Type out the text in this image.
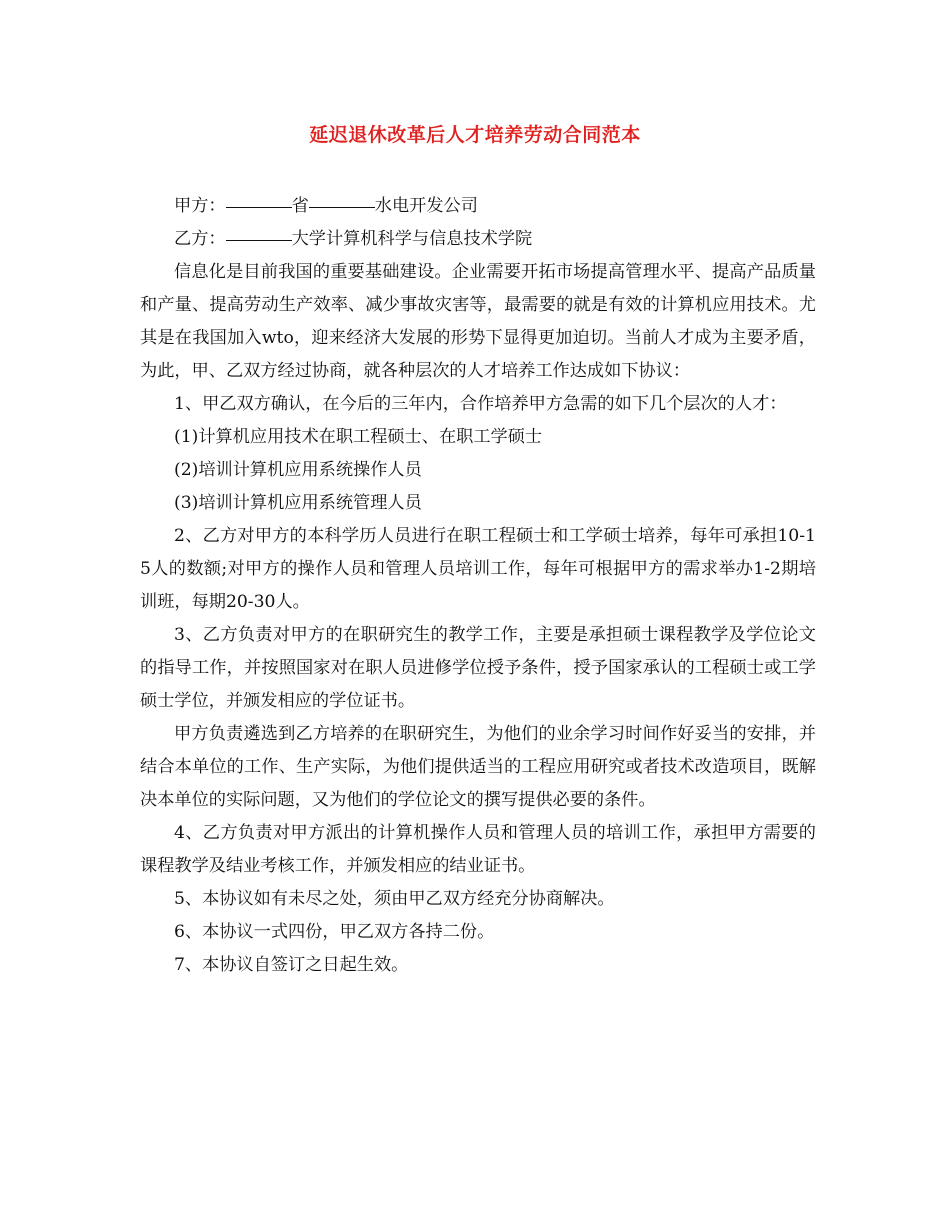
延迟退休改革后人才培养劳动合同范本

甲方：	省	水电开发公司

乙方：	大学计算机科学与信息技术学院

信息化是目前我国的重要基础建设。企业需要开拓市场提高管理水平、提高产品质量和产量、提高劳动生产效率、减少事故灾害等，最需要的就是有效的计算机应用技术。尤其是在我国加入wto，迎来经济大发展的形势下显得更加迫切。当前人才成为主要矛盾，为此，甲、乙双方经过协商，就各种层次的人才培养工作达成如下协议：

1、甲乙双方确认，在今后的三年内，合作培养甲方急需的如下几个层次的人才：

(1)计算机应用技术在职工程硕士、在职工学硕士

(2)培训计算机应用系统操作人员

(3)培训计算机应用系统管理人员

2、乙方对甲方的本科学历人员进行在职工程硕士和工学硕士培养，每年可承担10-15人的数额;对甲方的操作人员和管理人员培训工作，每年可根据甲方的需求举办1-2期培训班，每期20-30人。

3、乙方负责对甲方的在职研究生的教学工作，主要是承担硕士课程教学及学位论文的指导工作，并按照国家对在职人员进修学位授予条件，授予国家承认的工程硕士或工学硕士学位，并颁发相应的学位证书。

甲方负责遴选到乙方培养的在职研究生，为他们的业余学习时间作好妥当的安排，并结合本单位的工作、生产实际，为他们提供适当的工程应用研究或者技术改造项目，既解决本单位的实际问题，又为他们的学位论文的撰写提供必要的条件。

4、乙方负责对甲方派出的计算机操作人员和管理人员的培训工作，承担甲方需要的课程教学及结业考核工作，并颁发相应的结业证书。

5、本协议如有未尽之处，须由甲乙双方经充分协商解决。

6、本协议一式四份，甲乙双方各持二份。

7、本协议自签订之日起生效。
